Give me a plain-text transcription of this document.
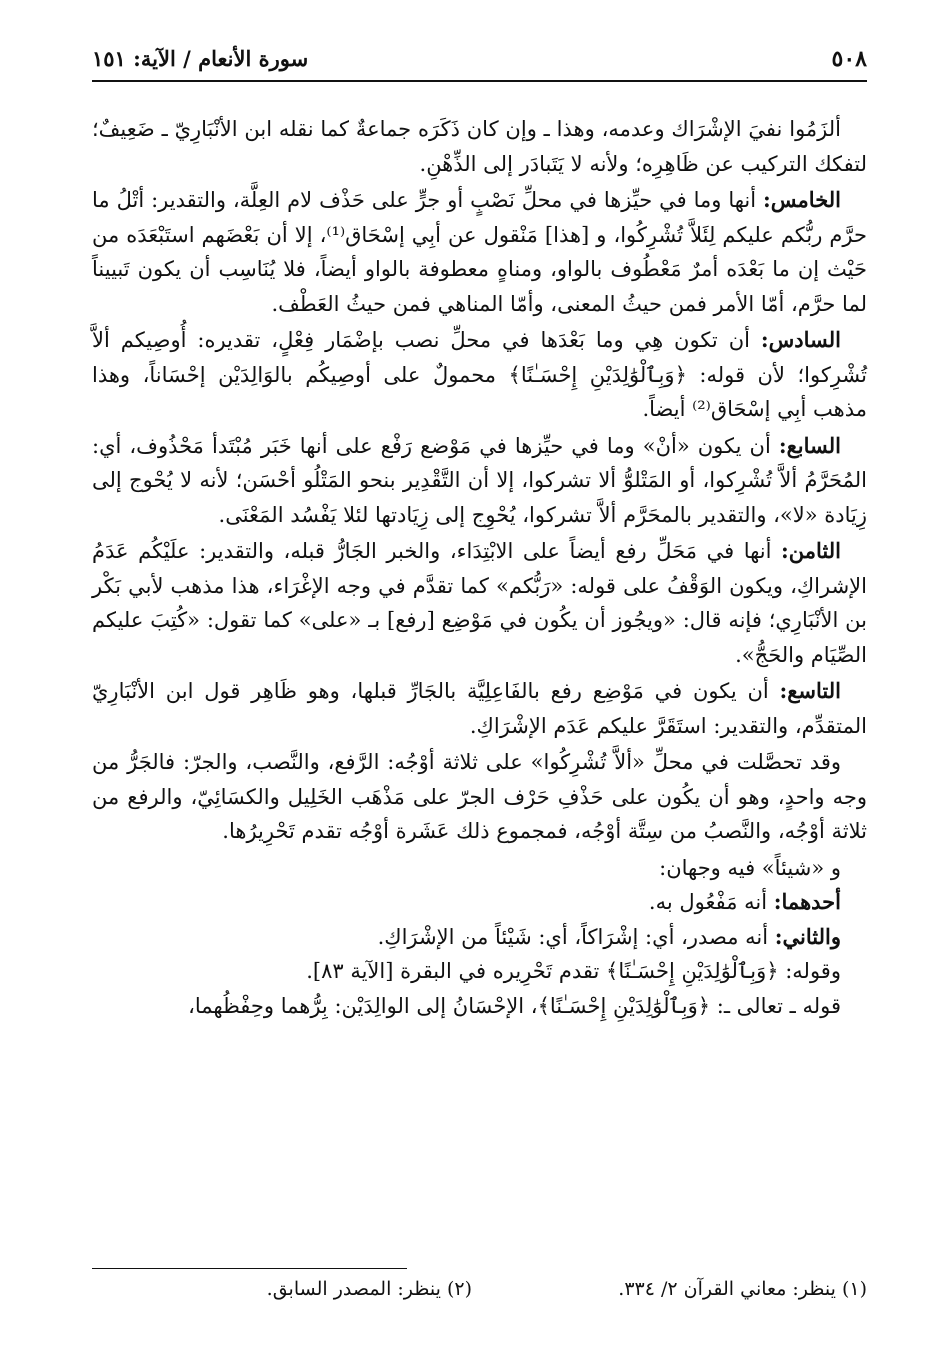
٥٠٨
سورة الأنعام / الآية: ١٥١

ألزَمُوا نفيَ الإشْرَاك وعدمه، وهذا ـ وإن كان ذَكَرَه جماعةٌ كما نقله ابن الأنْبَارِيّ ـ ضَعِيفٌ؛ لتفكك التركيب عن ظَاهِرِه؛ ولأنه لا يَتَبادَر إلى الذِّهْنِ.

الخامس: أنها وما في حيِّزها في محلِّ نَصْبٍ أو جرٍّ على حَذْف لام العِلَّة، والتقدير: أتْلُ ما حرَّم ربُّكم عليكم لِئَلاَّ تُشْرِكُوا، و [هذا] مَنْقول عن أبِي إسْحَاق⁽¹⁾، إلا أن بَعْضَهم استَبْعَدَه من حَيْث إن ما بَعْدَه أمرٌ مَعْطُوف بالواو، ومناهٍ معطوفة بالواو أيضاً، فلا يُنَاسِب أن يكون تَبييناً لما حرَّم، أمّا الأمر فمن حيثُ المعنى، وأمّا المناهي فمن حيثُ العَطْف.

السادس: أن تكون هِي وما بَعْدَها في محلِّ نصب بإضْمَار فِعْلٍ، تقديره: أُوصِيكم ألاَّ تُشْرِكوا؛ لأن قوله: ﴿وَبِٱلْوَٰلِدَيْنِ إِحْسَـٰنًا﴾ محمولٌ على أوصِيكُم بالوَالِدَيْن إحْسَاناً، وهذا مذهب أبِي إسْحَاق⁽²⁾ أيضاً.

السابع: أن يكون «أنْ» وما في حيِّزها في مَوْضع رَفْع على أنها خَبَر مُبْتَدأ مَحْذُوف، أي: المُحَرَّمُ ألاَّ تُشْرِكوا، أو المَتْلوُّ ألا تشركوا، إلا أن التَّقْدِير بنحو المَتْلُو أحْسَن؛ لأنه لا يُحْوج إلى زِيَادة «لا»، والتقدير بالمحَرَّم ألاَّ تشركوا، يُحْوِج إلى زِيَادتها لئلا يَفْسُد المَعْنَى.

الثامن: أنها في مَحَلِّ رفع أيضاً على الابْتِدَاء، والخبر الجَارُّ قبله، والتقدير: علَيْكُم عَدَمُ الإشراكِ، ويكون الوَقْفُ على قوله: «رَبُّكم» كما تقدَّم في وجه الإغْرَاء، هذا مذهب لأبي بَكْر بن الأنْبَارِي؛ فإنه قال: «ويجُوز أن يكُون في مَوْضِع [رفع] بـ «على» كما تقول: «كُتِبَ عليكم الصِّيَام والحَجُّ».

التاسع: أن يكون في مَوْضِع رفع بالفَاعِلِيَّة بالجَارِّ قبلها، وهو ظَاهِر قول ابن الأنْبَارِيّ المتقدِّم، والتقدير: استَقَرَّ عليكم عَدَم الإشْرَاكِ.

وقد تحصَّلت في محلِّ «ألاَّ تُشْرِكُوا» على ثلاثة أوْجُه: الرَّفع، والنَّصب، والجرّ: فالجَرُّ من وجه واحدٍ، وهو أن يكُون على حَذْفِ حَرْف الجرّ على مَذْهَب الخَلِيل والكسَائِيّ، والرفع من ثلاثة أوْجُه، والنَّصبُ من سِتَّة أوْجُه، فمجموع ذلك عَشَرة أوْجُه تقدم تَحْرِيرُها.

و «شيئاً» فيه وجهان:

أحدهما: أنه مَفْعُول به.

والثاني: أنه مصدر، أي: إشْرَاكاً، أي: شَيْئاً من الإشْرَاكِ.

وقوله: ﴿وَبِٱلْوَٰلِدَيْنِ إِحْسَـٰنًا﴾ تقدم تَحْرِيره في البقرة [الآية ٨٣].

قوله ـ تعالى ـ: ﴿وَبِٱلْوَٰلِدَيْنِ إِحْسَـٰنًا﴾، الإحْسَانُ إلى الوالِدَيْن: بِرُّهما وحِفْظُهما،

(١) ينظر: معاني القرآن ٢/ ٣٣٤.
(٢) ينظر: المصدر السابق.
